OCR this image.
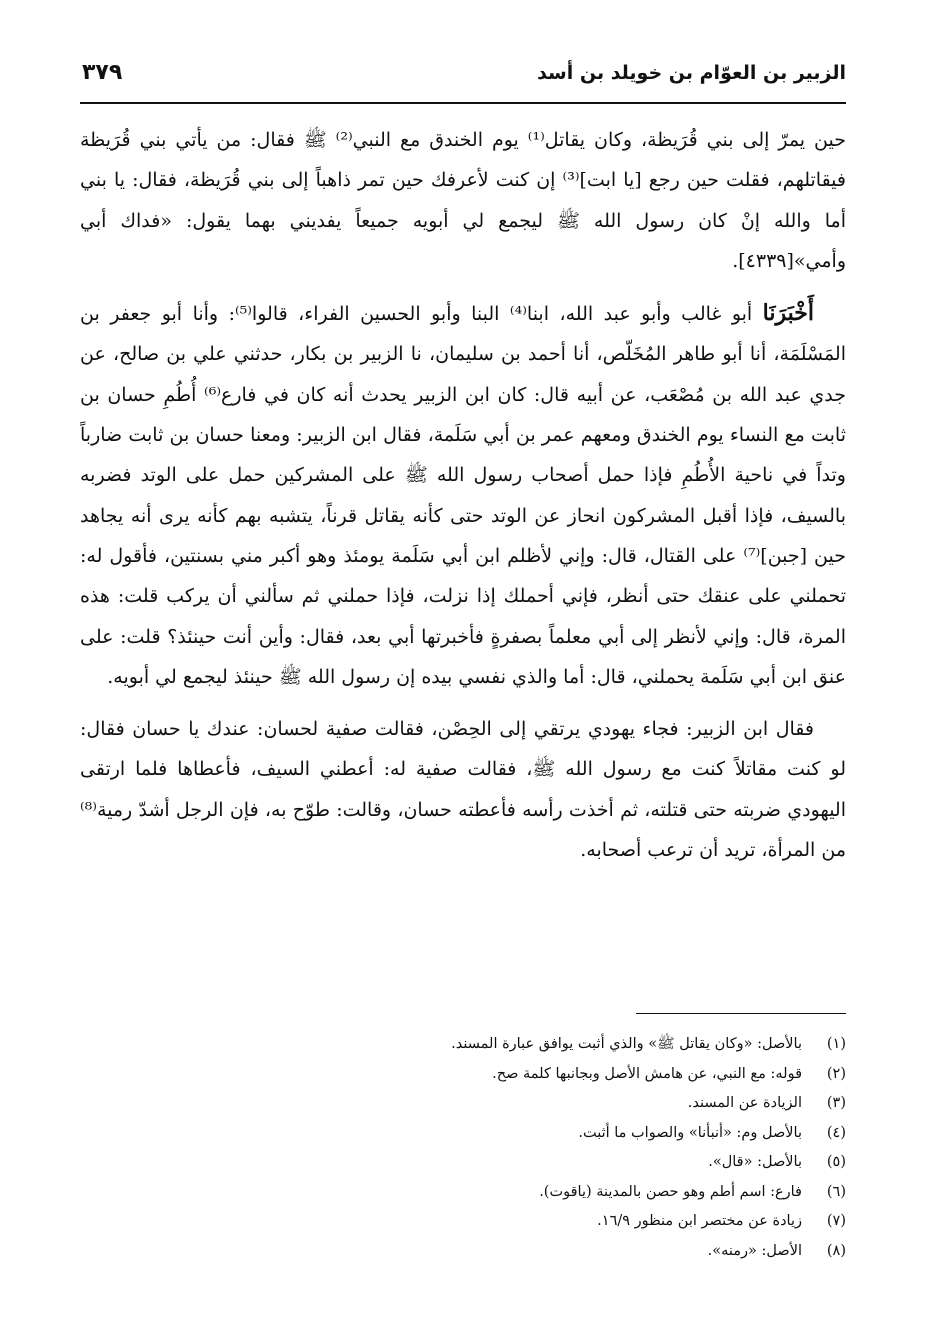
الزبير بن العوّام بن خويلد بن أسد
٣٧٩

حين يمرّ إلى بني قُرَيظة، وكان يقاتل⁽¹⁾ يوم الخندق مع النبي⁽²⁾ ﷺ فقال: من يأتي بني قُرَيظة فيقاتلهم، فقلت حين رجع [يا ابت]⁽³⁾ إن كنت لأعرفك حين تمر ذاهباً إلى بني قُرَيظة، فقال: يا بني أما والله إنْ كان رسول الله ﷺ ليجمع لي أبويه جميعاً يفديني بهما يقول: «فداك أبي وأمي»[٤٣٣٩].

أَخْبَرَنَا أبو غالب وأبو عبد الله، ابنا⁽⁴⁾ البنا وأبو الحسين الفراء، قالوا⁽⁵⁾: وأنا أبو جعفر بن المَسْلَمَة، أنا أبو طاهر المُخَلّص، أنا أحمد بن سليمان، نا الزبير بن بكار، حدثني علي بن صالح، عن جدي عبد الله بن مُصْعَب، عن أبيه قال: كان ابن الزبير يحدث أنه كان في فارع⁽⁶⁾ أُطُمِ حسان بن ثابت مع النساء يوم الخندق ومعهم عمر بن أبي سَلَمة، فقال ابن الزبير: ومعنا حسان بن ثابت ضارباً وتداً في ناحية الأُطُمِ فإذا حمل أصحاب رسول الله ﷺ على المشركين حمل على الوتد فضربه بالسيف، فإذا أقبل المشركون انحاز عن الوتد حتى كأنه يقاتل قرناً، يتشبه بهم كأنه يرى أنه يجاهد حين [جبن]⁽⁷⁾ على القتال، قال: وإني لأظلم ابن أبي سَلَمة يومئذ وهو أكبر مني بسنتين، فأقول له: تحملني على عنقك حتى أنظر، فإني أحملك إذا نزلت، فإذا حملني ثم سألني أن يركب قلت: هذه المرة، قال: وإني لأنظر إلى أبي معلماً بصفرةٍ فأخبرتها أبي بعد، فقال: وأين أنت حينئذ؟ قلت: على عنق ابن أبي سَلَمة يحملني، قال: أما والذي نفسي بيده إن رسول الله ﷺ حينئذ ليجمع لي أبويه.

فقال ابن الزبير: فجاء يهودي يرتقي إلى الحِصْن، فقالت صفية لحسان: عندك يا حسان فقال: لو كنت مقاتلاً كنت مع رسول الله ﷺ، فقالت صفية له: أعطني السيف، فأعطاها فلما ارتقى اليهودي ضربته حتى قتلته، ثم أخذت رأسه فأعطته حسان، وقالت: طوّح به، فإن الرجل أشدّ رمية⁽⁸⁾ من المرأة، تريد أن ترعب أصحابه.

(١)
بالأصل: «وكان يقاتل ﷺ» والذي أثبت يوافق عبارة المسند.
(٢)
قوله: مع النبي، عن هامش الأصل وبجانبها كلمة صح.
(٣)
الزيادة عن المسند.
(٤)
بالأصل وم: «أنبأنا» والصواب ما أثبت.
(٥)
بالأصل: «قال».
(٦)
فارع: اسم أطم وهو حصن بالمدينة (ياقوت).
(٧)
زيادة عن مختصر ابن منظور ١٦/٩.
(٨)
الأصل: «رمنه».
